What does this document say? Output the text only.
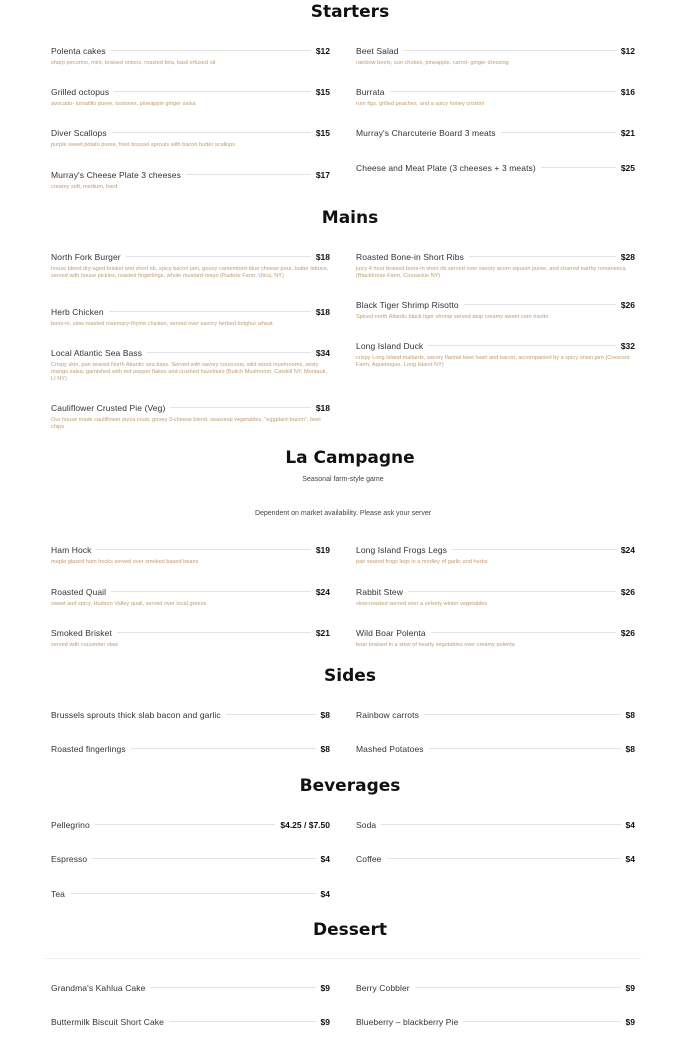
Starters
Polenta cakes	$12
sharp pecorino, mint, braised onions, roasted feta, basil infused oil
Beet Salad	$12
rainbow beets, sun chokes, pineapple, carrot- ginger dressing
Grilled octopus	$15
avocado- tomatillo puree, tostones, pineapple ginger salsa
Burrata	$16
rum figs, grilled peaches, and a spicy honey crostini
Diver Scallops	$15
purple sweet potato puree, fried brussel sprouts with bacon butter scallops
Murray's Charcuterie Board 3 meats	$21
Murray's Cheese Plate 3 cheeses	$17
creamy soft, medium, hard
Cheese and Meat Plate (3 cheeses + 3 meats)	$25
Mains
North Fork Burger	$18
house blend dry-aged brisket and short rib, spicy bacon jam, gooey camembert-blue cheese pour, butter lettuce, served with house pickles, roasted fingerlings, whole mustard-mayo (Radicle Farm, Utica, NY)
Roasted Bone-in Short Ribs	$28
juicy 4 hour braised bone-in short rib served over savory acorn squash puree, and charred earthy romanesca (Blackhorse Farm, Coxsackie NY)
Herb Chicken	$18
bone-in, slow roasted rosemary-thyme chicken, served over savory herbed bolghur wheat
Black Tiger Shrimp Risotto	$26
Spiced north Atlantic black tiger shrimp served atop creamy sweet corn risotto
Local Atlantic Sea Bass	$34
Crispy skin, pan seared North Atlantic sea bass. Served with savory couscous, wild wood mushrooms, zesty mango salsa, garnished with red pepper flakes and crushed hazelnuts (Bulich Mushroom, Catskill NY, Montauk, LI NY)
Long Island Duck	$32
crispy Long Island mallards, savory flannel beet hash and bacon, accompanied by a spicy onion jam (Crescent Farm, Aquebogue, Long Island NY)
Cauliflower Crusted Pie (Veg)	$18
Our house made cauliflower pizza crust, gooey 3-cheese blend, seasonal vegetables, "eggplant-bacon", beet chips
La Campagne

Seasonal farm-style game

Dependent on market availability. Please ask your server

Ham Hock	$19
maple glazed ham hocks served over smoked based beans
Long Island Frogs Legs	$24
pan seared frogs legs in a medley of garlic and herbs
Roasted Quail	$24
sweet and spicy, Hudson Valley quail, served over local greens
Rabbit Stew	$26
slow-roasted served over a velvety winter vegetables
Smoked Brisket	$21
served with cucumber slaw
Wild Boar Polenta	$26
boar braised in a stew of hearty vegetables over creamy polenta
Sides
Brussels sprouts thick slab bacon and garlic	$8	Rainbow carrots	$8
Roasted fingerlings	$8	Mashed Potatoes	$8
Beverages
Pellegrino	$4.25 / $7.50	Soda	$4
Espresso	$4	Coffee	$4
Tea	$4
Dessert
Grandma's Kahlua Cake	$9	Berry Cobbler	$9
Buttermilk Biscuit Short Cake	$9	Blueberry – blackberry Pie	$9
